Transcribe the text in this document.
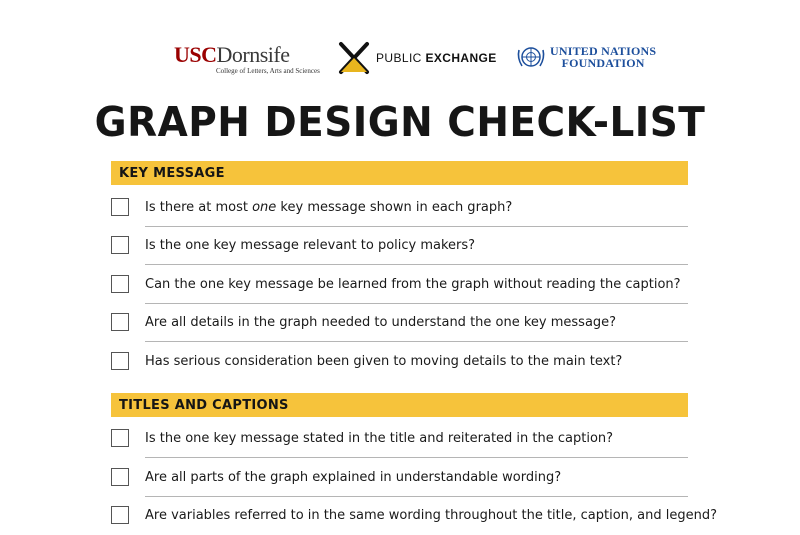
USCDornsife
College of Letters, Arts and Sciences
PUBLIC EXCHANGE	UNITED NATIONS
FOUNDATION
GRAPH DESIGN CHECK-LIST
KEY MESSAGE
Is there at most one key message shown in each graph?
Is the one key message relevant to policy makers?
Can the one key message be learned from the graph without reading the caption?
Are all details in the graph needed to understand the one key message?
Has serious consideration been given to moving details to the main text?
TITLES AND CAPTIONS
Is the one key message stated in the title and reiterated in the caption?
Are all parts of the graph explained in understandable wording?
Are variables referred to in the same wording throughout the title, caption, and legend?
